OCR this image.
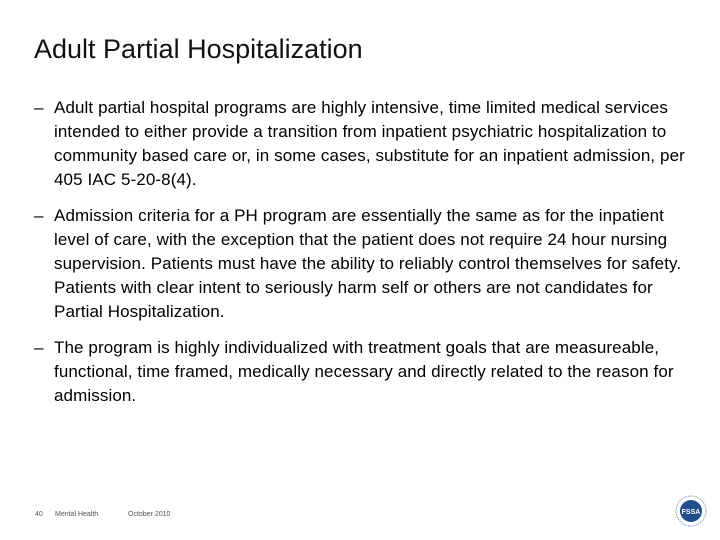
Adult Partial Hospitalization
– Adult partial hospital programs are highly intensive, time limited medical services intended to either provide a transition from inpatient psychiatric hospitalization to community based care or, in some cases, substitute for an inpatient admission, per 405 IAC 5-20-8(4).
– Admission criteria for a PH program are essentially the same as for the inpatient level of care, with the exception that the patient does not require 24 hour nursing supervision. Patients must have the ability to reliably control themselves for safety. Patients with clear intent to seriously harm self or others are not candidates for Partial Hospitalization.
– The program is highly individualized with treatment goals that are measureable, functional, time framed, medically necessary and directly related to the reason for admission.
40 Mental Health	October 2010	FSSA
